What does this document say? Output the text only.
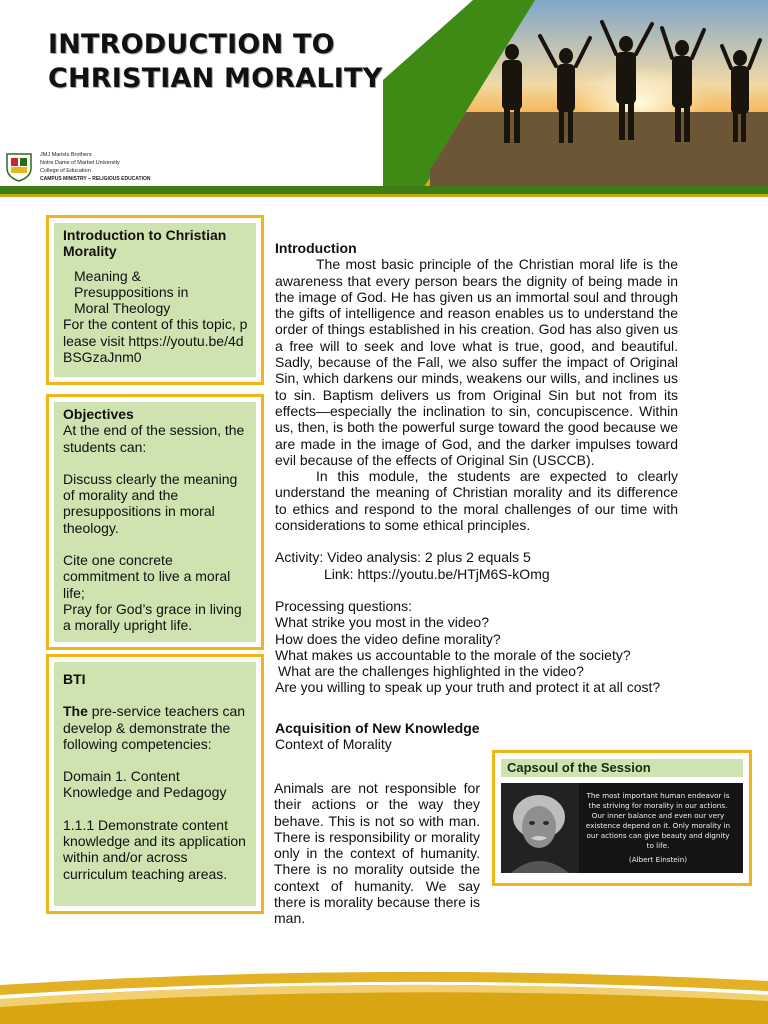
INTRODUCTION TO
CHRISTIAN MORALITY
JMJ Marists Brothers
Notre Dame of Marbel University
College of Education
CAMPUS MINISTRY – RELIGIOUS EDUCATION
Introduction to Christian Morality
Meaning &
Presuppositions in
Moral Theology
For the content of this topic, please visit https://youtu.be/4dBSGzaJnm0
Objectives
At the end of the session, the students can:
Discuss clearly the meaning of morality and the presuppositions in moral theology.
Cite one concrete commitment to live a moral life;
Pray for God’s grace in living a morally upright life.
BTI
The pre-service teachers can develop & demonstrate the following competencies:
Domain 1. Content Knowledge and Pedagogy
1.1.1 Demonstrate content knowledge and its application within and/or across curriculum teaching areas.
Introduction
The most basic principle of the Christian moral life is the awareness that every person bears the dignity of being made in the image of God. He has given us an immortal soul and through the gifts of intelligence and reason enables us to understand the order of things established in his creation. God has also given us a free will to seek and love what is true, good, and beautiful. Sadly, because of the Fall, we also suffer the impact of Original Sin, which darkens our minds, weakens our wills, and inclines us to sin. Baptism delivers us from Original Sin but not from its effects—especially the inclination to sin, concupiscence. Within us, then, is both the powerful surge toward the good because we are made in the image of God, and the darker impulses toward evil because of the effects of Original Sin (USCCB).
In this module, the students are expected to clearly understand the meaning of Christian morality and its difference to ethics and respond to the moral challenges of our time with considerations to some ethical principles.
Activity: Video analysis: 2 plus 2 equals 5
Link: https://youtu.be/HTjM6S-kOmg
Processing questions:
What strike you most in the video?
How does the video define morality?
What makes us accountable to the morale of the society?
What are the challenges highlighted in the video?
Are you willing to speak up your truth and protect it at all cost?
Acquisition of New Knowledge
Context of Morality
Animals are not responsible for their actions or the way they behave. This is not so with man. There is responsibility or morality only in the context of humanity. There is no morality outside the context of humanity. We say there is morality because there is man.
Capsoul of the Session
The most important human endeavor is the striving for morality in our actions. Our inner balance and even our very existence depend on it. Only morality in our actions can give beauty and dignity to life.
(Albert Einstein)
